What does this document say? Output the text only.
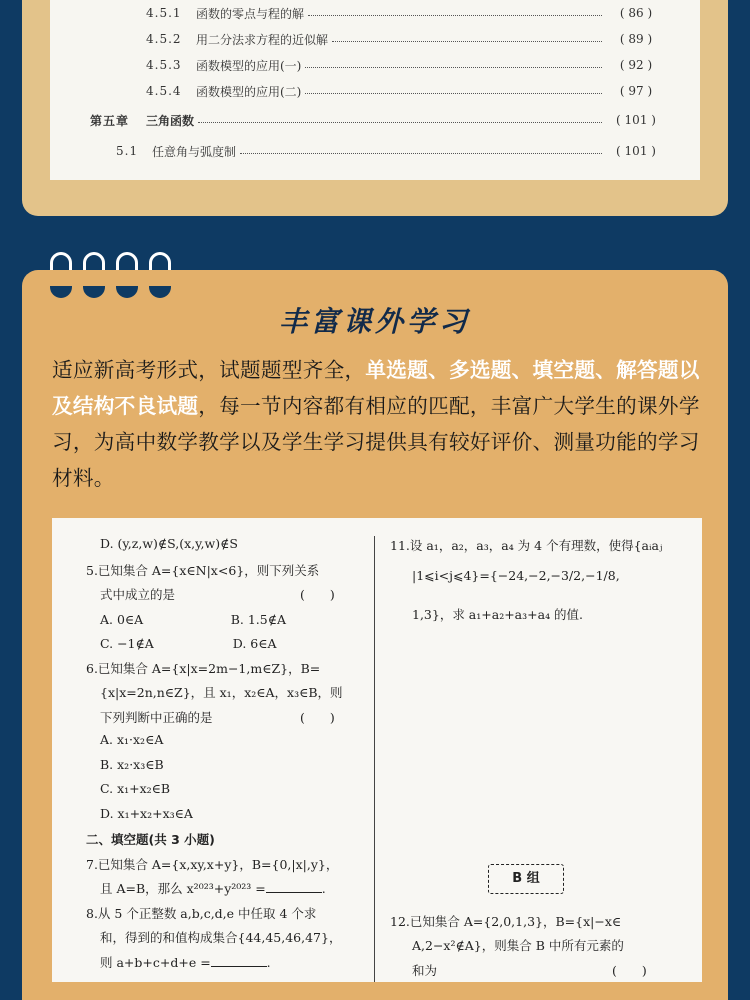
4.5.1	函数的零点与程的解	( 86 )
4.5.2	用二分法求方程的近似解	( 89 )
4.5.3	函数模型的应用(一)	( 92 )
4.5.4	函数模型的应用(二)	( 97 )
第五章	三角函数	( 101 )
5.1	任意角与弧度制	( 101 )
丰富课外学习
适应新高考形式，试题题型齐全，单选题、多选题、填空题、解答题以及结构不良试题，每一节内容都有相应的匹配，丰富广大学生的课外学习，为高中数学教学以及学生学习提供具有较好评价、测量功能的学习材料。
D. (y,z,w)∉S,(x,y,w)∉S
5.已知集合 A={x∈N|x<6}，则下列关系
式中成立的是　　　　　　　　　　(　　)
A. 0∈A　　　　　　　B. 1.5∉A
C. −1∉A　　　　　　 D. 6∈A
6.已知集合 A={x|x=2m−1,m∈Z}，B=
{x|x=2n,n∈Z}，且 x₁，x₂∈A，x₃∈B，则
下列判断中正确的是　　　　　　　(　　)
A. x₁·x₂∈A
B. x₂·x₃∈B
C. x₁+x₂∈B
D. x₁+x₂+x₃∈A
二、填空题(共 3 小题)
7.已知集合 A={x,xy,x+y}，B={0,|x|,y}，
且 A=B，那么 x²⁰²³+y²⁰²³ =	.
8.从 5 个正整数 a,b,c,d,e 中任取 4 个求
和，得到的和值构成集合{44,45,46,47}，
则 a+b+c+d+e =	.
11.设 a₁，a₂，a₃，a₄ 为 4 个有理数，使得{aᵢaⱼ
|1⩽i<j⩽4}={−24,−2,−3/2,−1/8,
1,3}，求 a₁+a₂+a₃+a₄ 的值.
B 组
12.已知集合 A={2,0,1,3}，B={x|−x∈
A,2−x²∉A}，则集合 B 中所有元素的
和为　　　　　　　　　　　　　　(　　)
